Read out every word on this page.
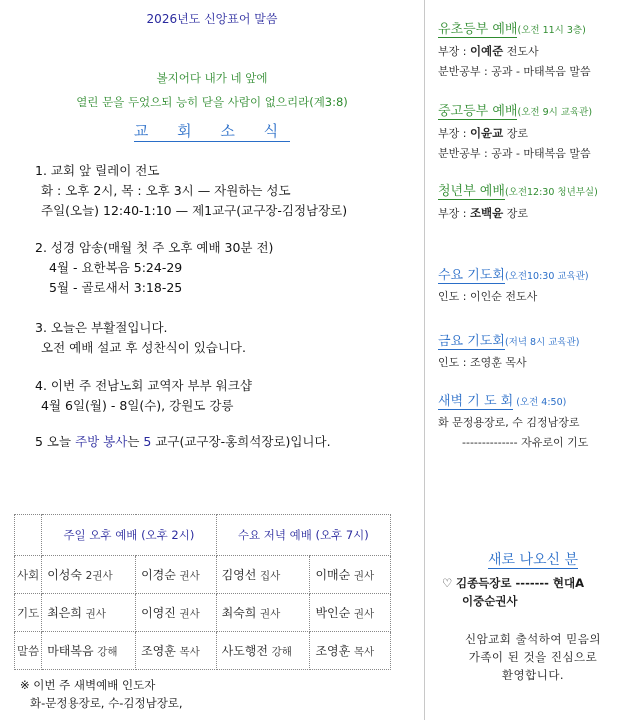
2026년도 신앙표어 말씀
볼지어다 내가 네 앞에
열린 문을 두었으되 능히 닫을 사람이 없으리라(계3:8)
교 회 소 식
1. 교회 앞 릴레이 전도
화 : 오후 2시, 목 : 오후 3시 — 자원하는 성도
주일(오늘) 12:40-1:10 — 제1교구(교구장-김정남장로)
2. 성경 암송(매월 첫 주 오후 예배 30분 전)
4월 - 요한복음 5:24-29
5월 - 골로새서 3:18-25
3. 오늘은 부활절입니다.
오전 예배 설교 후 성찬식이 있습니다.
4. 이번 주 전남노회 교역자 부부 워크샵
4월 6일(월) - 8일(수), 강원도 강릉
5 오늘 주방 봉사는 5 교구(교구장-홍희석장로)입니다.
	주일 오후 예배 (오후 2시)		수요 저녁 예배 (오후 7시)	
사회	이성숙 2권사	이경순 권사	김영선 집사	이매순 권사
기도	최은희 권사	이영진 권사	최숙희 권사	박인순 권사
말씀	마태복음 강해	조영훈 목사	사도행전 강해	조영훈 목사
※ 이번 주 새벽예배 인도자
화-문정용장로, 수-김정남장로,
유초등부 예배(오전 11시 3층)
부장 : 이예준 전도사
분반공부 : 공과 - 마태복음 말씀
중고등부 예배(오전 9시 교육관)
부장 : 이윤교 장로
분반공부 : 공과 - 마태복음 말씀
청년부 예배(오전12:30 청년부실)
부장 : 조백윤 장로
수요 기도회(오전10:30 교육관)
인도 : 이인순 전도사
금요 기도회(저녁 8시 교육관)
인도 : 조영훈 목사
새벽 기 도 회 (오전 4:50)
화 문정용장로, 수 김정남장로
-------------- 자유로이 기도
새로 나오신 분
♡ 김종득장로 ------- 현대A
이중순권사
신암교회 출석하여 믿음의
가족이 된 것을 진심으로
환영합니다.
